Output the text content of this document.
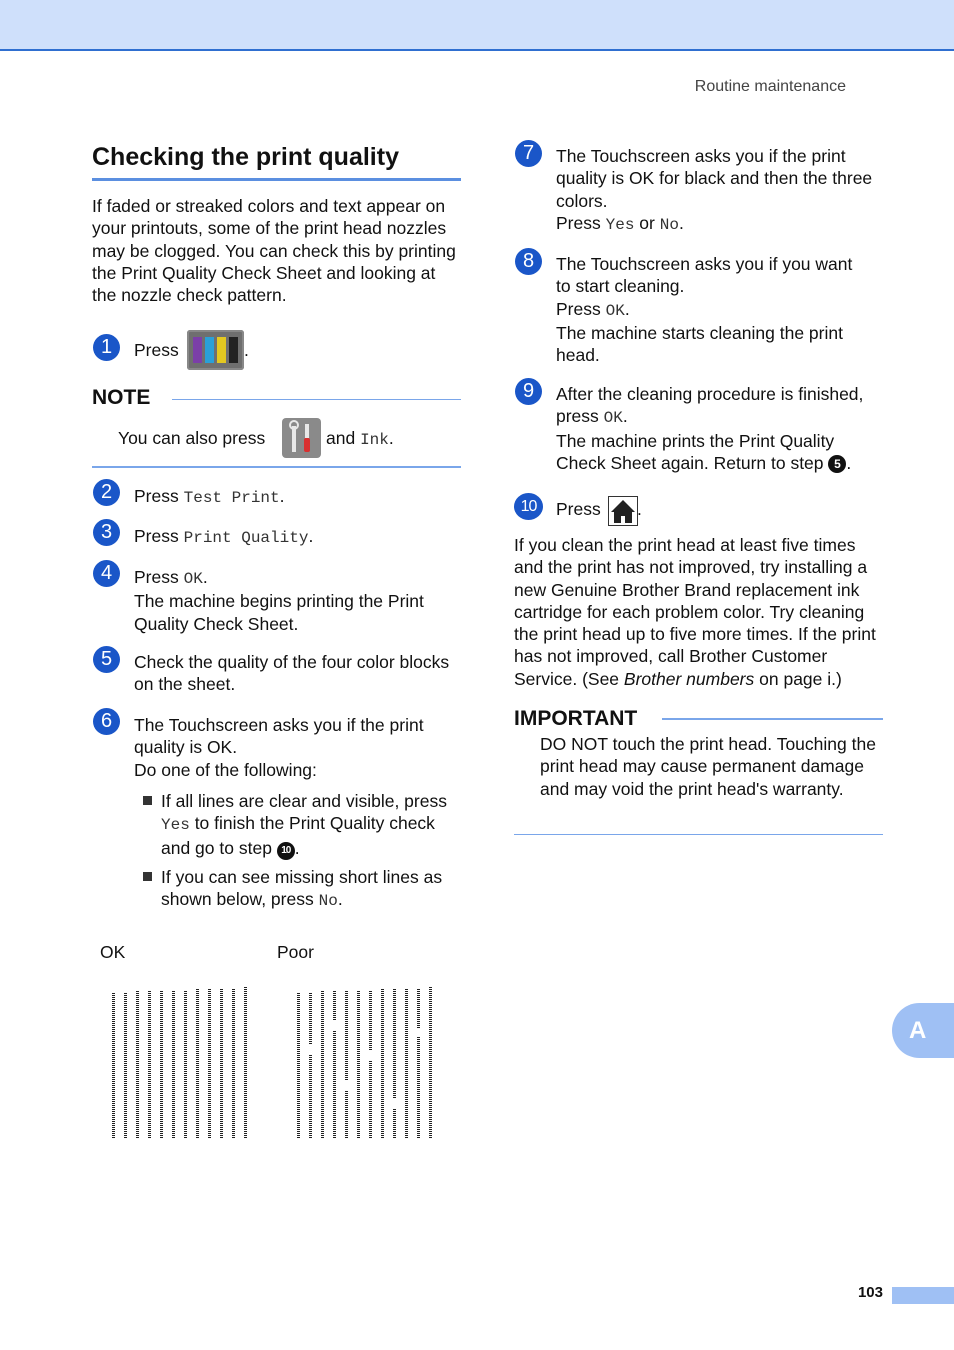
Routine maintenance
Checking the print quality
If faded or streaked colors and text appear on your printouts, some of the print head nozzles may be clogged. You can check this by printing the Print Quality Check Sheet and looking at the nozzle check pattern.
1	Press	.
NOTE
You can also press	and Ink.
2	Press Test Print.
3	Press Print Quality.
4	Press OK.
The machine begins printing the Print
Quality Check Sheet.
5	Check the quality of the four color blocks
on the sheet.
6	The Touchscreen asks you if the print
quality is OK.
Do one of the following:
If all lines are clear and visible, press
Yes to finish the Print Quality check
and go to step 10 .
If you can see missing short lines as
shown below, press No.
OK	Poor
7	The Touchscreen asks you if the print
quality is OK for black and then the three
colors.
Press Yes or No.
8	The Touchscreen asks you if you want
to start cleaning.
Press OK.
The machine starts cleaning the print
head.
9	After the cleaning procedure is finished,
press OK.
The machine prints the Print Quality
Check Sheet again. Return to step 5 .
10	Press .
If you clean the print head at least five times and the print has not improved, try installing a new Genuine Brother Brand replacement ink cartridge for each problem color. Try cleaning the print head up to five more times. If the print has not improved, call Brother Customer Service. (See Brother numbers on page i.)
IMPORTANT
DO NOT touch the print head. Touching the print head may cause permanent damage and may void the print head's warranty.
A
103
